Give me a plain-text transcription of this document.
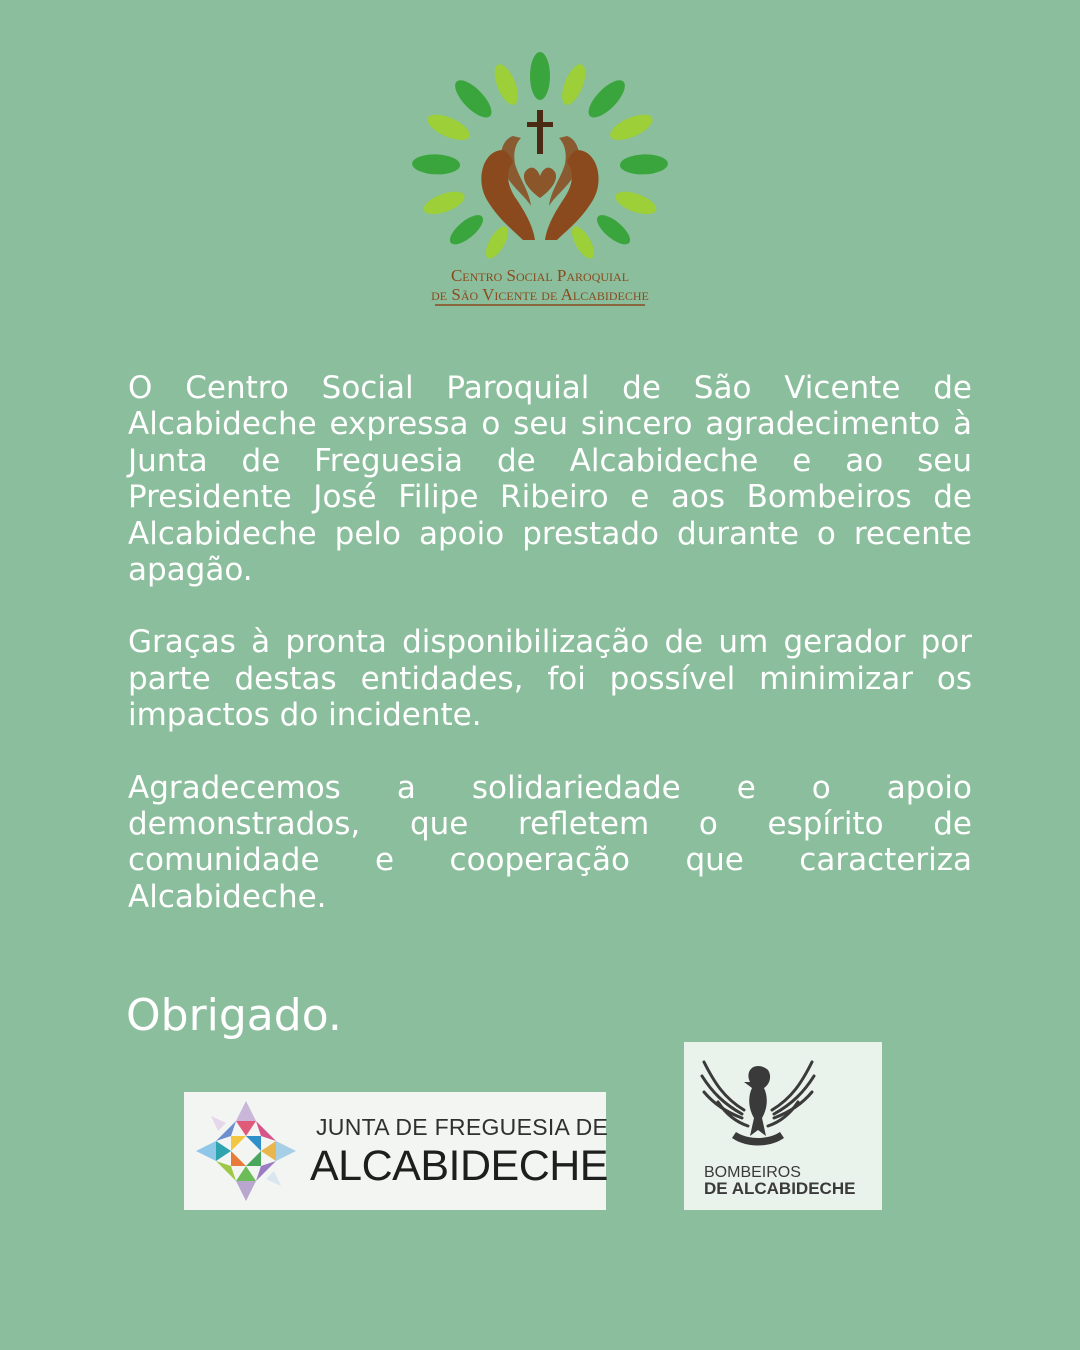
Centro Social Paroquial
de São Vicente de Alcabideche

O Centro Social Paroquial de São Vicente de Alcabideche expressa o seu sincero agradecimento à Junta de Freguesia de Alcabideche e ao seu Presidente José Filipe Ribeiro e aos Bombeiros de Alcabideche pelo apoio prestado durante o recente apagão.

Graças à pronta disponibilização de um gerador por parte destas entidades, foi possível minimizar os impactos do incidente.

Agradecemos a solidariedade e o apoio demonstrados, que refletem o espírito de comunidade e cooperação que caracteriza Alcabideche.

Obrigado.
JUNTA DE FREGUESIA DE
ALCABIDECHE	BOMBEIROS
DE ALCABIDECHE
